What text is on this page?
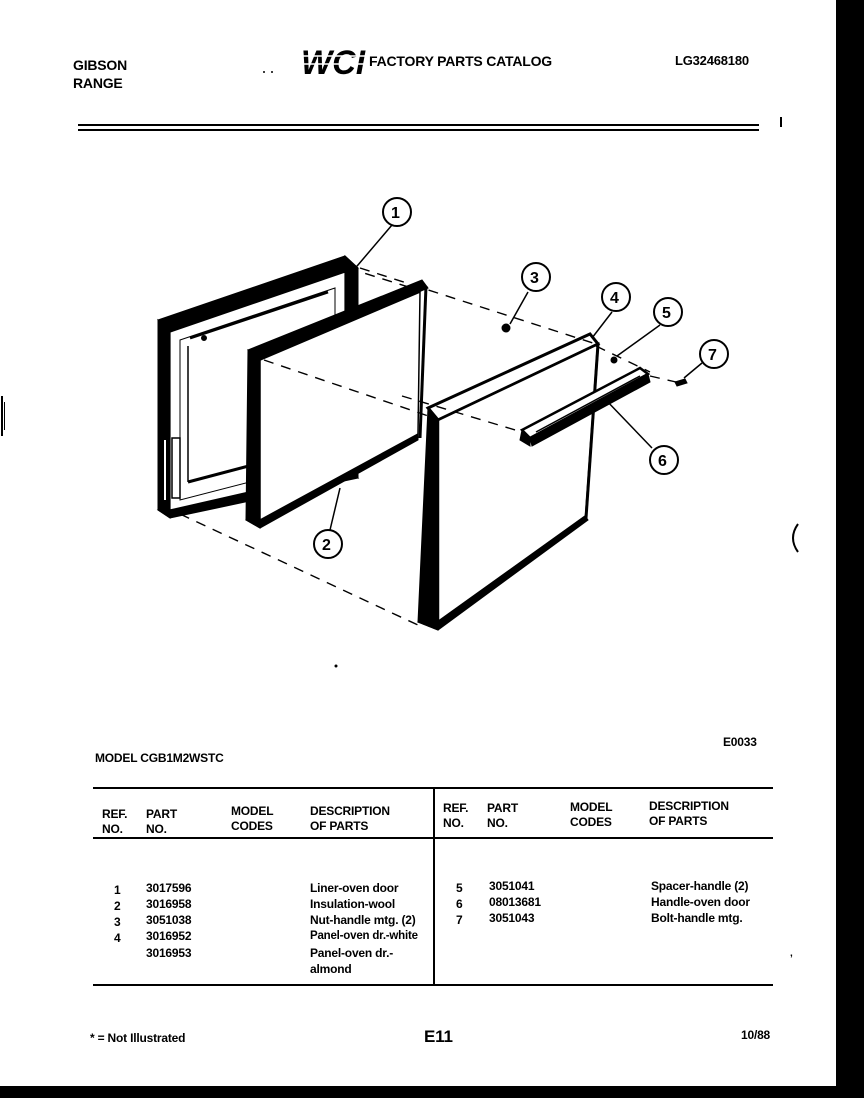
GIBSON
RANGE
WCI FACTORY PARTS CATALOG	LG32468180
1
2
3
4
5
6
7
E0033
MODEL CGB1M2WSTC
REF.
NO.
PART
NO.
MODEL
CODES
DESCRIPTION
OF PARTS
REF.
NO.
PART
NO.
MODEL
CODES
DESCRIPTION
OF PARTS
1 3017596	Liner-oven door
2 3016958	Insulation-wool
3 3051038	Nut-handle mtg. (2)
4 3016952	Panel-oven dr.-white
3016953	Panel-oven dr.-
almond
5 3051041	Spacer-handle (2)
6 08013681	Handle-oven door
7 3051043	Bolt-handle mtg.
* = Not Illustrated	E11	10/88
,
